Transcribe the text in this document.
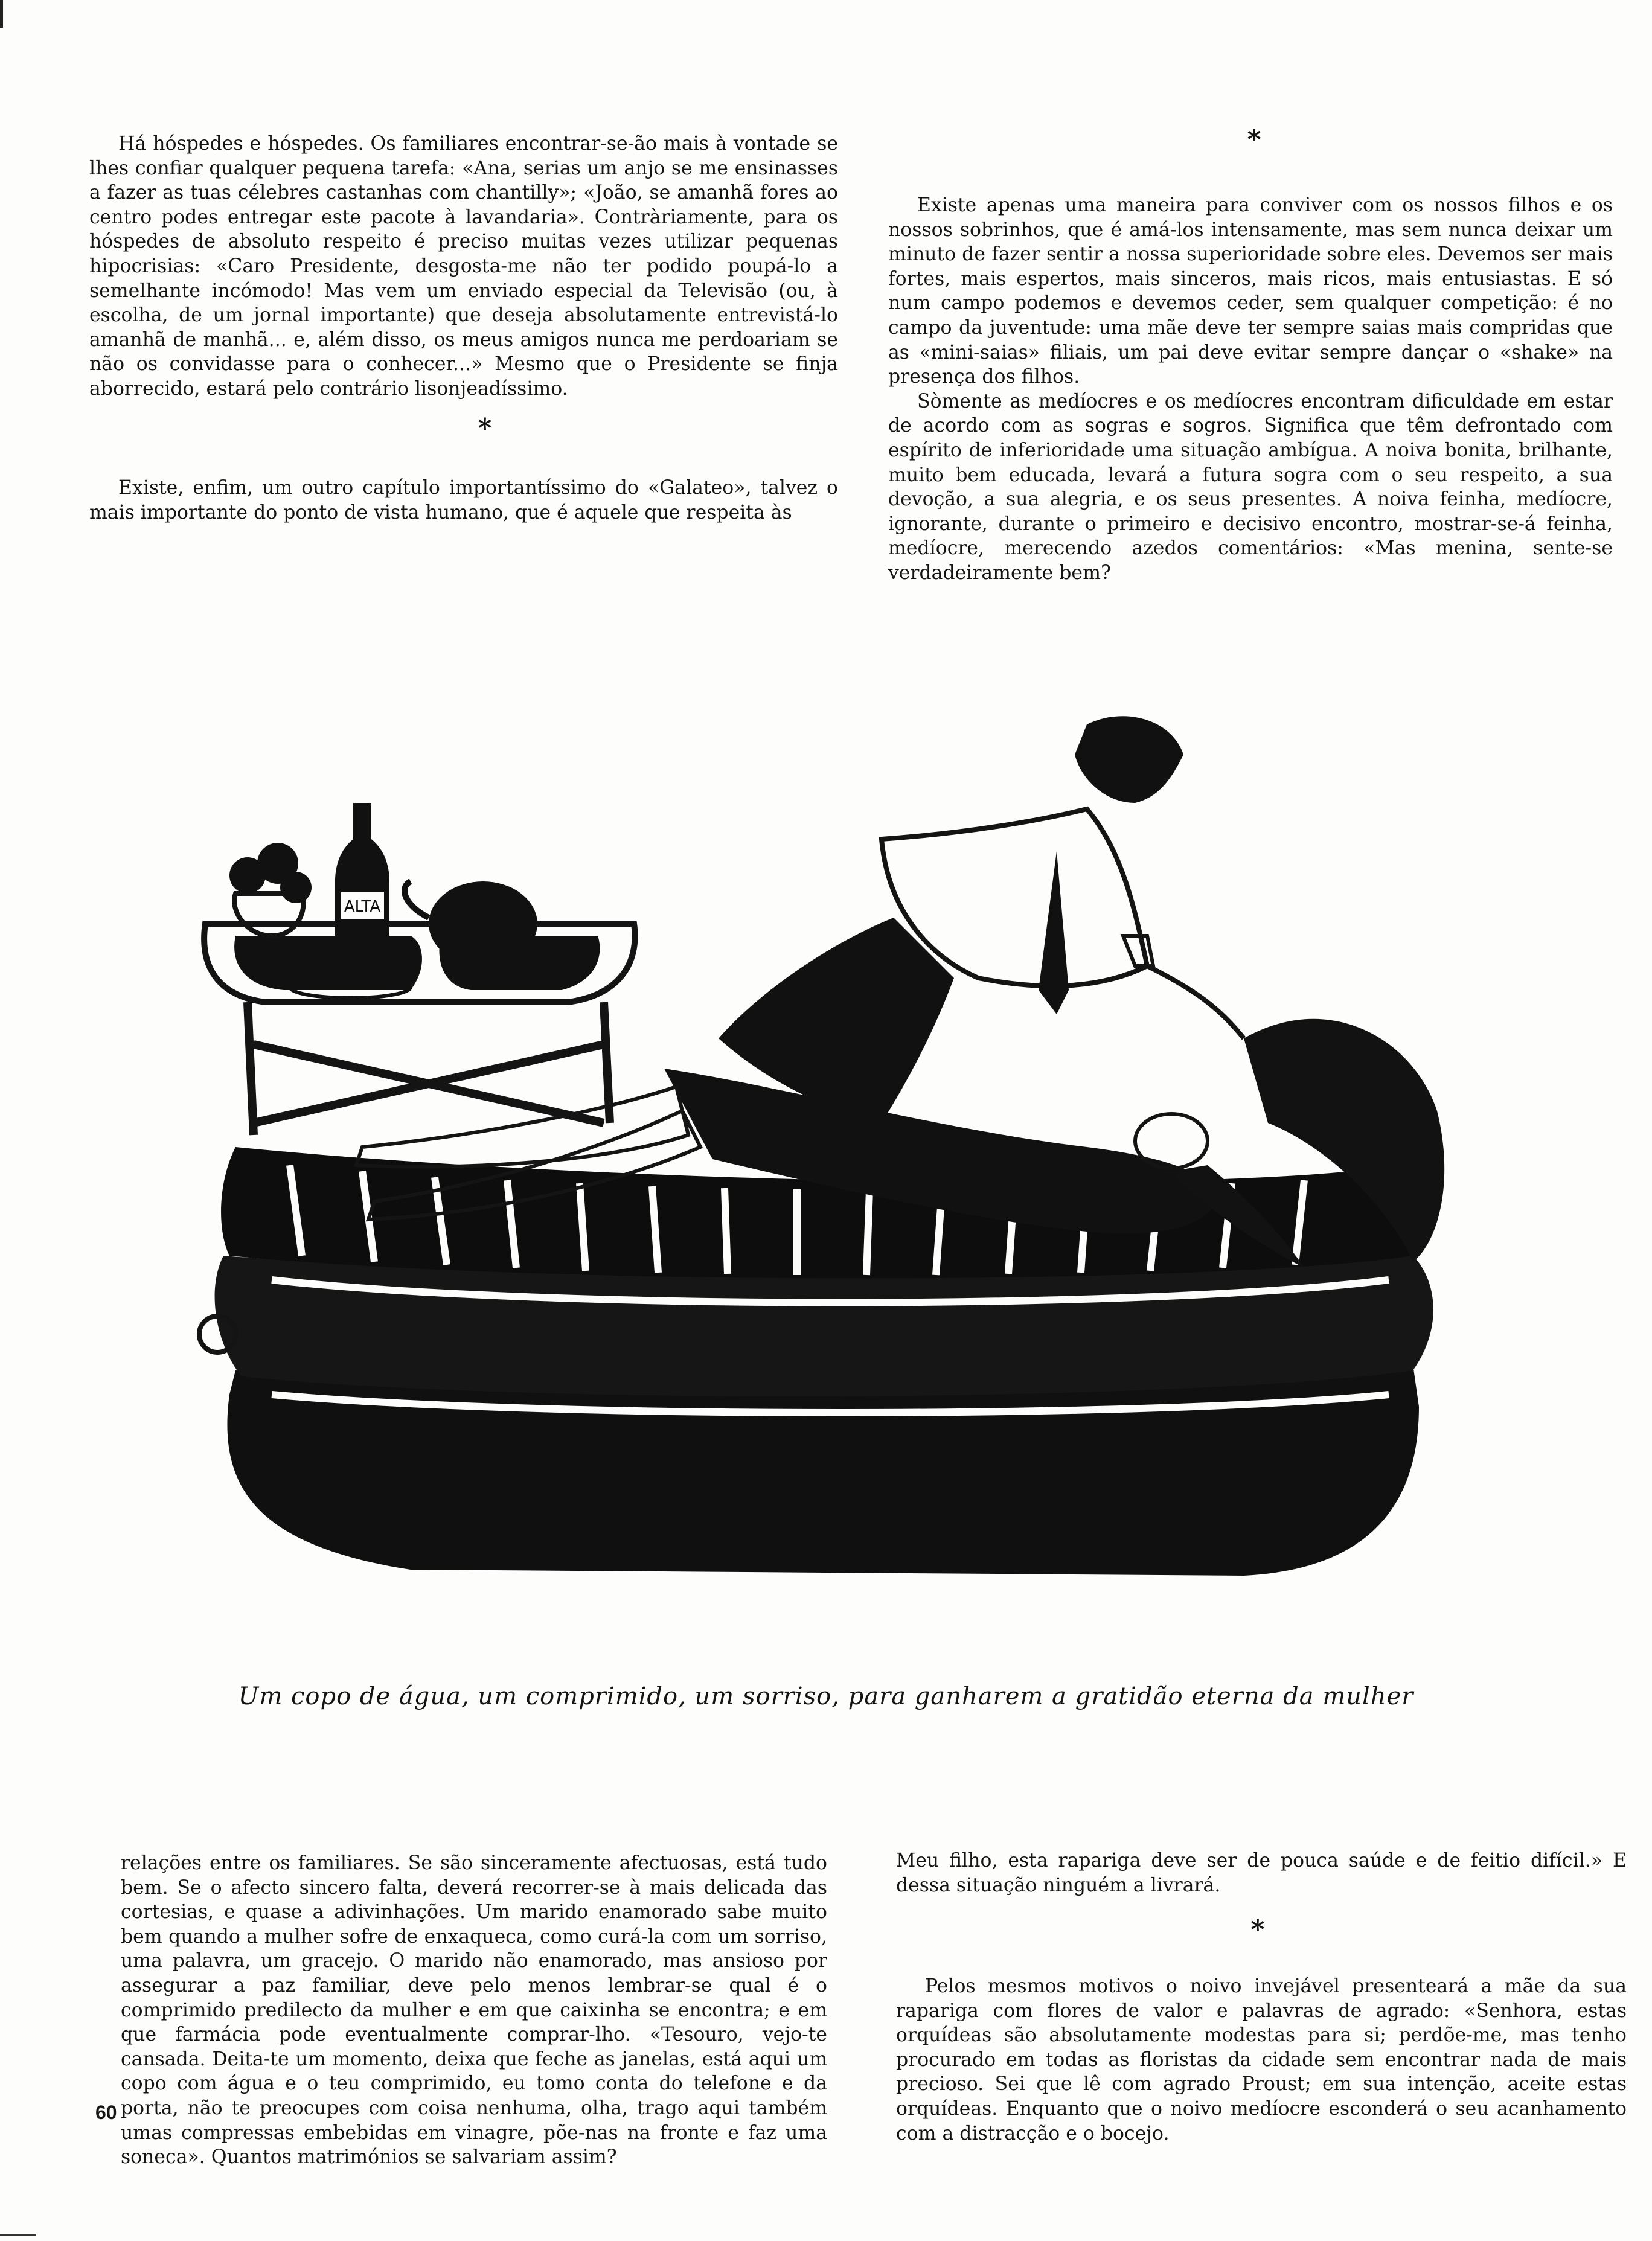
Há hóspedes e hóspedes. Os familiares encontrar-se-ão mais à vontade se lhes confiar qualquer pequena tarefa: «Ana, serias um anjo se me ensinasses a fazer as tuas célebres castanhas com chantilly»; «João, se amanhã fores ao centro podes entregar este pacote à lavandaria». Contràriamente, para os hóspedes de absoluto respeito é preciso muitas vezes utilizar pequenas hipocrisias: «Caro Presidente, desgosta-me não ter podido poupá-lo a semelhante incómodo! Mas vem um enviado especial da Televisão (ou, à escolha, de um jornal importante) que deseja absolutamente entrevistá-lo amanhã de manhã... e, além disso, os meus amigos nunca me perdoariam se não os convidasse para o conhecer...» Mesmo que o Presidente se finja aborrecido, estará pelo contrário lisonjeadíssimo.

*

Existe, enfim, um outro capítulo importantíssimo do «Galateo», talvez o mais importante do ponto de vista humano, que é aquele que respeita às

*

Existe apenas uma maneira para conviver com os nossos filhos e os nossos sobrinhos, que é amá-los intensamente, mas sem nunca deixar um minuto de fazer sentir a nossa superioridade sobre eles. Devemos ser mais fortes, mais espertos, mais sinceros, mais ricos, mais entusiastas. E só num campo podemos e devemos ceder, sem qualquer competição: é no campo da juventude: uma mãe deve ter sempre saias mais compridas que as «mini-saias» filiais, um pai deve evitar sempre dançar o «shake» na presença dos filhos.

Sòmente as medíocres e os medíocres encontram dificuldade em estar de acordo com as sogras e sogros. Significa que têm defrontado com espírito de inferioridade uma situação ambígua. A noiva bonita, brilhante, muito bem educada, levará a futura sogra com o seu respeito, a sua devoção, a sua alegria, e os seus presentes. A noiva feinha, medíocre, ignorante, durante o primeiro e decisivo encontro, mostrar-se-á feinha, medíocre, merecendo azedos comentários: «Mas menina, sente-se verdadeiramente bem?

ALTA
Um copo de água, um comprimido, um sorriso, para ganharem a gratidão eterna da mulher

relações entre os familiares. Se são sinceramente afectuosas, está tudo bem. Se o afecto sincero falta, deverá recorrer-se à mais delicada das cortesias, e quase a adivinhações. Um marido enamorado sabe muito bem quando a mulher sofre de enxaqueca, como curá-la com um sorriso, uma palavra, um gracejo. O marido não enamorado, mas ansioso por assegurar a paz familiar, deve pelo menos lembrar-se qual é o comprimido predilecto da mulher e em que caixinha se encontra; e em que farmácia pode eventualmente comprar-lho. «Tesouro, vejo-te cansada. Deita-te um momento, deixa que feche as janelas, está aqui um copo com água e o teu comprimido, eu tomo conta do telefone e da porta, não te preocupes com coisa nenhuma, olha, trago aqui também umas compressas embebidas em vinagre, põe-nas na fronte e faz uma soneca». Quantos matrimónios se salvariam assim?

Meu filho, esta rapariga deve ser de pouca saúde e de feitio difícil.» E dessa situação ninguém a livrará.

*

Pelos mesmos motivos o noivo invejável presenteará a mãe da sua rapariga com flores de valor e palavras de agrado: «Senhora, estas orquídeas são absolutamente modestas para si; perdõe-me, mas tenho procurado em todas as floristas da cidade sem encontrar nada de mais precioso. Sei que lê com agrado Proust; em sua intenção, aceite estas orquídeas. Enquanto que o noivo medíocre esconderá o seu acanhamento com a distracção e o bocejo.

60
